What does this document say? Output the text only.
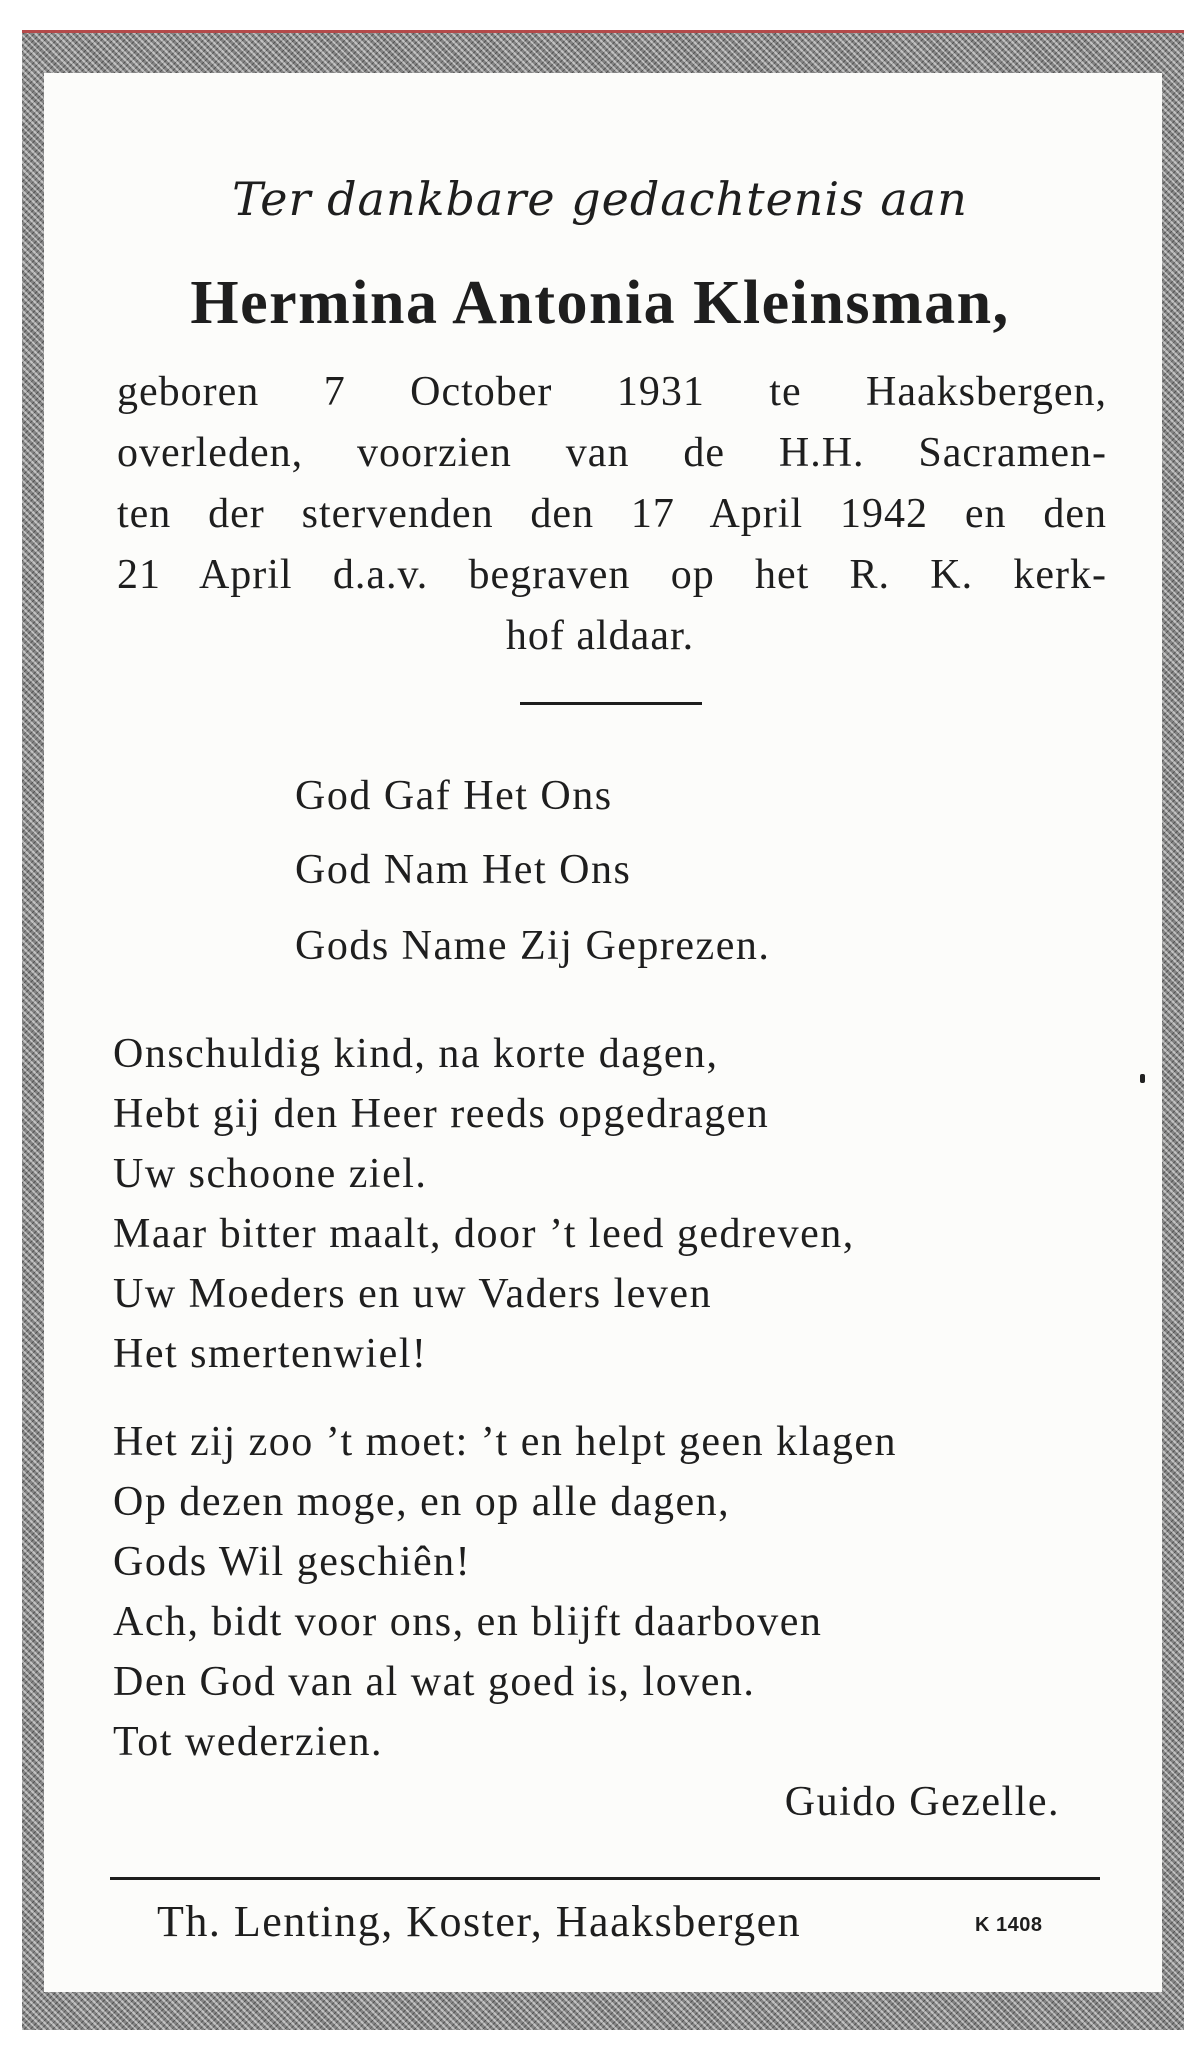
Ter dankbare gedachtenis aan

Hermina Antonia Kleinsman,

geboren 7 October 1931 te Haaksbergen,

overleden, voorzien van de H.H. Sacramen-

ten der stervenden den 17 April 1942 en den

21 April d.a.v. begraven op het R. K. kerk-

hof aldaar.

God Gaf Het Ons

God Nam Het Ons

Gods Name Zij Geprezen.

Onschuldig kind, na korte dagen,

Hebt gij den Heer reeds opgedragen

Uw schoone ziel.

Maar bitter maalt, door ’t leed gedreven,

Uw Moeders en uw Vaders leven

Het smertenwiel!

Het zij zoo ’t moet: ’t en helpt geen klagen

Op dezen moge, en op alle dagen,

Gods Wil geschiên!

Ach, bidt voor ons, en blijft daarboven

Den God van al wat goed is, loven.

Tot wederzien.

Guido Gezelle.

Th. Lenting, Koster, Haaksbergen	K 1408
